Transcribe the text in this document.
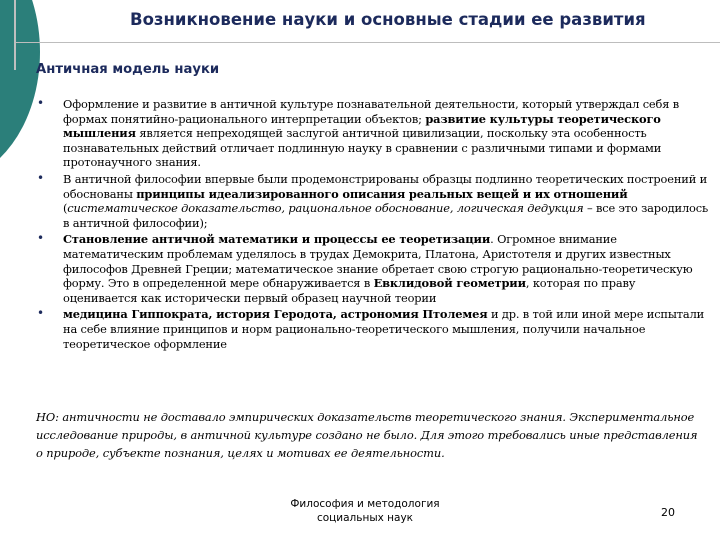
Возникновение науки и основные стадии ее развития
Античная модель науки
• Оформление и развитие в античной культуре познавательной деятельности, который утверждал себя в формах понятийно-рационального интерпретации объектов; развитие культуры теоретического мышления является непреходящей заслугой античной цивилизации, поскольку эта особенность познавательных действий отличает подлинную науку в сравнении с различными типами и формами протонаучного знания.
• В античной философии впервые были продемонстрированы образцы подлинно теоретических построений и обоснованы принципы идеализированного описания реальных вещей и их отношений (систематическое доказательство, рациональное обоснование, логическая дедукция – все это зародилось в античной философии);
• Становление античной математики и процессы ее теоретизации. Огромное внимание математическим проблемам уделялось в трудах Демокрита, Платона, Аристотеля и других известных философов Древней Греции; математическое знание обретает свою строгую рационально-теоретическую форму. Это в определенной мере обнаруживается в Евклидовой геометрии, которая по праву оценивается как исторически первый образец научной теории
• медицина Гиппократа, история Геродота, астрономия Птолемея и др. в той или иной мере испытали на себе влияние принципов и норм рационально-теоретического мышления, получили начальное теоретическое оформление
НО: античности не доставало эмпирических доказательств теоретического знания. Экспериментальное исследование природы, в античной культуре создано не было. Для этого требовались иные представления о природе, субъекте познания, целях и мотивах ее деятельности.
Философия и методология
социальных наук	20
